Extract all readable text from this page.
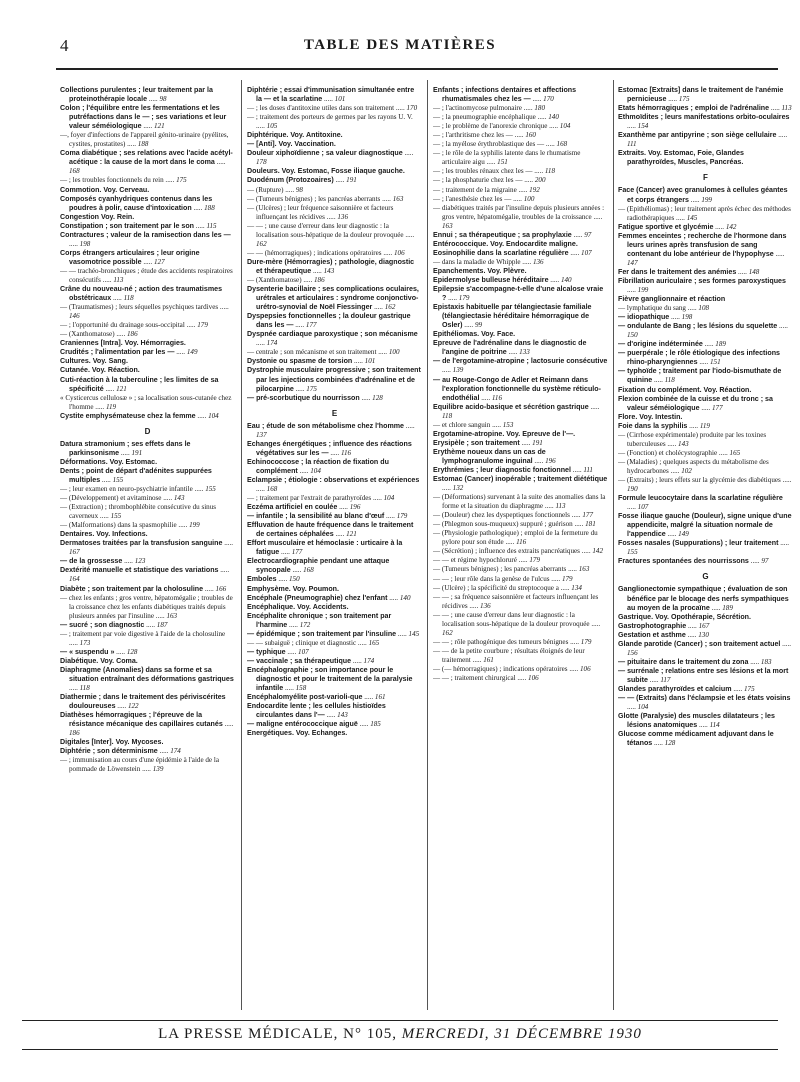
4	TABLE DES MATIÈRES

Collections purulentes ; leur traitement par la proteinothérapie locale ..... 98

Colon ; l'équilibre entre les fermentations et les putréfactions dans le — ; ses variations et leur valeur séméiologique ..... 121

—, foyer d'infections de l'appareil génito-urinaire (pyélites, cystites, prostatites) ..... 188

Coma diabétique ; ses relations avec l'acide acétyl-acétique : la cause de la mort dans le coma ..... 168

— ; les troubles fonctionnels du rein ..... 175

Commotion. Voy. Cerveau.

Composés cyanhydriques contenus dans les poudres à polir, cause d'intoxication ..... 188

Congestion Voy. Rein.

Constipation ; son traitement par le son ..... 115

Contractures ; valeur de la ramisection dans les — ..... 198

Corps étrangers articulaires ; leur origine vasomotrice possible ..... 127

— — trachéo-bronchiques ; étude des accidents respiratoires consécutifs ..... 113

Crâne du nouveau-né ; action des traumatismes obstétricaux ..... 118

— (Traumatismes) ; leurs séquelles psychiques tardives ..... 146

— ; l'opportunité du drainage sous-occipital ..... 179

— (Xanthomatose) ..... 186

Craniennes [Intra]. Voy. Hémorragies.

Crudités ; l'alimentation par les — ..... 149

Cultures. Voy. Sang.

Cutanée. Voy. Réaction.

Cuti-réaction à la tuberculine ; les limites de sa spécificité ..... 121

« Cysticercus cellulosæ » ; sa localisation sous-cutanée chez l'homme ..... 119

Cystite emphysémateuse chez la femme ..... 104

D

Datura stramonium ; ses effets dans le parkinsonisme ..... 191

Déformations. Voy. Estomac.

Dents ; point de départ d'adénites suppurées multiples ..... 155

— ; leur examen en neuro-psychiatrie infantile ..... 155

— (Développement) et avitaminose ..... 143

— (Extraction) ; thrombophlébite consécutive du sinus caverneux ..... 155

— (Malformations) dans la spasmophilie ..... 199

Dentaires. Voy. Infections.

Dermatoses traitées par la transfusion sanguine ..... 167

— de la grossesse ..... 123

Dextérité manuelle et statistique des variations ..... 164

Diabète ; son traitement par la cholosuline ..... 166

— chez les enfants ; gros ventre, hépatomégalie ; troubles de la croissance chez les enfants diabétiques traités depuis plusieurs années par l'insuline ..... 163

— sucré ; son diagnostic ..... 187

— ; traitement par voie digestive à l'aide de la cholosuline ..... 173

— « suspendu » ..... 128

Diabétique. Voy. Coma.

Diaphragme (Anomalies) dans sa forme et sa situation entraînant des déformations gastriques ..... 118

Diathermie ; dans le traitement des périviscérites douloureuses ..... 122

Diathèses hémorragiques ; l'épreuve de la résistance mécanique des capillaires cutanés ..... 186

Digitales [Inter]. Voy. Mycoses.

Diphtérie ; son déterminisme ..... 174

— ; immunisation au cours d'une épidémie à l'aide de la pommade de Löwenstein ..... 139

Diphtérie ; essai d'immunisation simultanée entre la — et la scarlatine ..... 101

— ; les doses d'antitoxine utiles dans son traitement ..... 170

— ; traitement des porteurs de germes par les rayons U. V. ..... 105

Diphtérique. Voy. Antitoxine.

— [Anti]. Voy. Vaccination.

Douleur xiphoïdienne ; sa valeur diagnostique ..... 178

Douleurs. Voy. Estomac, Fosse iliaque gauche.

Duodénum (Protozoaires) ..... 191

— (Rupture) ..... 98

— (Tumeurs bénignes) ; les pancréas aberrants ..... 163

— (Ulcères) ; leur fréquence saisonnière et facteurs influençant les récidives ..... 136

— — ; une cause d'erreur dans leur diagnostic : la localisation sous-hépatique de la douleur provoquée ..... 162

— — (hémorragiques) ; indications opératoires ..... 106

Dure-mère (Hémorragies) ; pathologie, diagnostic et thérapeutique ..... 143

— (Xanthomatose) ..... 186

Dysenterie bacillaire ; ses complications oculaires, urétrales et articulaires : syndrome conjonctivo-urétro-synovial de Noël Fiessinger ..... 162

Dyspepsies fonctionnelles ; la douleur gastrique dans les — ..... 177

Dyspnée cardiaque paroxystique ; son mécanisme ..... 174

— centrale ; son mécanisme et son traitement ..... 100

Dystonie ou spasme de torsion ..... 101

Dystrophie musculaire progressive ; son traitement par les injections combinées d'adrénaline et de pilocarpine ..... 175

— pré-scorbutique du nourrisson ..... 128

E

Eau ; étude de son métabolisme chez l'homme ..... 137

Echanges énergétiques ; influence des réactions végétatives sur les — ..... 116

Echinococcose ; la réaction de fixation du complément ..... 104

Eclampsie ; étiologie : observations et expériences ..... 168

— ; traitement par l'extrait de parathyroïdes ..... 104

Eczéma artificiel en coulée ..... 196

— infantile ; la sensibilité au blanc d'œuf ..... 179

Effluvation de haute fréquence dans le traitement de certaines céphalées ..... 121

Effort musculaire et hémoclasie : urticaire à la fatigue ..... 177

Electrocardiographie pendant une attaque syncopale ..... 168

Emboles ..... 150

Emphysème. Voy. Poumon.

Encéphale (Pneumographie) chez l'enfant ..... 140

Encéphalique. Voy. Accidents.

Encéphalite chronique ; son traitement par l'harmine ..... 172

— épidémique ; son traitement par l'insuline ..... 145

— — subaiguë ; clinique et diagnostic ..... 165

— typhique ..... 107

— vaccinale ; sa thérapeutique ..... 174

Encéphalographie ; son importance pour le diagnostic et pour le traitement de la paralysie infantile ..... 158

Encéphalomyélite post-varioli-que ..... 161

Endocardite lente ; les cellules histioïdes circulantes dans l'— ..... 143

— maligne entérococcique aiguë ..... 185

Energétiques. Voy. Echanges.

Enfants ; infections dentaires et affections rhumatismales chez les — ..... 170

— ; l'actinomycose pulmonaire ..... 180

— ; la pneumographie encéphalique ..... 140

— ; le problème de l'anorexie chronique ..... 104

— ; l'arthritisme chez les — ..... 160

— ; la myélose érythroblastique des — ..... 168

— ; le rôle de la syphilis latente dans le rhumatisme articulaire aigu ..... 151

— ; les troubles rénaux chez les — ..... 118

— ; la phosphaturie chez les — ..... 200

— ; traitement de la migraine ..... 192

— ; l'anesthésie chez les — ..... 100

— diabétiques traités par l'insuline depuis plusieurs années : gros ventre, hépatomégalie, troubles de la croissance ..... 163

Ennui ; sa thérapeutique ; sa prophylaxie ..... 97

Entérococcique. Voy. Endocardite maligne.

Eosinophilie dans la scarlatine régulière ..... 107

— dans la maladie de Whipple ..... 136

Epanchements. Voy. Plèvre.

Epidermolyse bulleuse héréditaire ..... 140

Epilepsie s'accompagne-t-elle d'une alcalose vraie ? ..... 179

Epistaxis habituelle par télangiectasie familiale (télangiectasie héréditaire hémorragique de Osler) ..... 99

Epithéliomas. Voy. Face.

Epreuve de l'adrénaline dans le diagnostic de l'angine de poitrine ..... 133

— de l'ergotamine-atropine ; lactosurie consécutive ..... 139

— au Rouge-Congo de Adler et Reimann dans l'exploration fonctionnelle du système réticulo-endothélial ..... 116

Equilibre acido-basique et sécrétion gastrique ..... 118

— et chlore sanguin ..... 153

Ergotamine-atropine. Voy. Epreuve de l'—.

Erysipèle ; son traitement ..... 191

Erythème noueux dans un cas de lymphogranulome inguinal ..... 196

Erythrémies ; leur diagnostic fonctionnel ..... 111

Estomac (Cancer) inopérable ; traitement diététique ..... 132

— (Déformations) survenant à la suite des anomalies dans la forme et la situation du diaphragme ..... 113

— (Douleur) chez les dyspeptiques fonctionnels ..... 177

— (Phlegmon sous-muqueux) suppuré ; guérison ..... 181

— (Physiologie pathologique) ; emploi de la fermeture du pylore pour son étude ..... 116

— (Sécrétion) ; influence des extraits pancréatiques ..... 142

— — et régime hypochloruré ..... 179

— (Tumeurs bénignes) ; les pancréas aberrants ..... 163

— — ; leur rôle dans la genèse de l'ulcus ..... 179

— (Ulcère) ; la spécificité du streptocoque a ..... 134

— — ; sa fréquence saisonnière et facteurs influençant les récidives ..... 136

— — ; une cause d'erreur dans leur diagnostic : la localisation sous-hépatique de la douleur provoquée ..... 162

— — ; rôle pathogénique des tumeurs bénignes ..... 179

— — de la petite courbure ; résultats éloignés de leur traitement ..... 161

— (— hémorragiques) ; indications opératoires ..... 106

— — ; traitement chirurgical ..... 106

Estomac [Extraits] dans le traitement de l'anémie pernicieuse ..... 175

Etats hémorragiques ; emploi de l'adrénaline ..... 113

Ethmoïdites ; leurs manifestations orbito-oculaires ..... 154

Exanthème par antipyrine ; son siège cellulaire ..... 111

Extraits. Voy. Estomac, Foie, Glandes parathyroïdes, Muscles, Pancréas.

F

Face (Cancer) avec granulomes à cellules géantes et corps étrangers ..... 199

— (Epithéliomas) ; leur traitement après échec des méthodes radiothérapiques ..... 145

Fatigue sportive et glycémie ..... 142

Femmes enceintes ; recherche de l'hormone dans leurs urines après transfusion de sang contenant du lobe antérieur de l'hypophyse ..... 147

Fer dans le traitement des anémies ..... 148

Fibrillation auriculaire ; ses formes paroxystiques ..... 199

Fièvre ganglionnaire et réaction

— lymphatique du sang ..... 108

— idiopathique ..... 198

— ondulante de Bang ; les lésions du squelette ..... 150

— d'origine indéterminée ..... 189

— puerpérale ; le rôle étiologique des infections rhino-pharyngiennes ..... 151

— typhoïde ; traitement par l'iodo-bismuthate de quinine ..... 118

Fixation du complément. Voy. Réaction.

Flexion combinée de la cuisse et du tronc ; sa valeur séméiologique ..... 177

Flore. Voy. Intestin.

Foie dans la syphilis ..... 119

— (Cirrhose expérimentale) produite par les toxines tuberculeuses ..... 143

— (Fonction) et cholécystographie ..... 165

— (Maladies) ; quelques aspects du métabolisme des hydrocarbones ..... 102

— (Extraits) ; leurs effets sur la glycémie des diabétiques ..... 190

Formule leucocytaire dans la scarlatine régulière ..... 107

Fosse iliaque gauche (Douleur), signe unique d'une appendicite, malgré la situation normale de l'appendice ..... 149

Fosses nasales (Suppurations) ; leur traitement ..... 155

Fractures spontanées des nourrissons ..... 97

G

Ganglionectomie sympathique ; évaluation de son bénéfice par le blocage des nerfs sympathiques au moyen de la procaïne ..... 189

Gastrique. Voy. Opothérapie, Sécrétion.

Gastrophotographie ..... 167

Gestation et asthme ..... 130

Glande parotide (Cancer) ; son traitement actuel ..... 156

— pituitaire dans le traitement du zona ..... 183

— surrénale ; relations entre ses lésions et la mort subite ..... 117

Glandes parathyroïdes et calcium ..... 175

— — (Extraits) dans l'éclampsie et les états voisins ..... 104

Glotte (Paralysie) des muscles dilatateurs ; les lésions anatomiques ..... 114

Glucose comme médicament adjuvant dans le tétanos ..... 128

LA PRESSE MÉDICALE, N° 105, MERCREDI, 31 DÉCEMBRE 1930
